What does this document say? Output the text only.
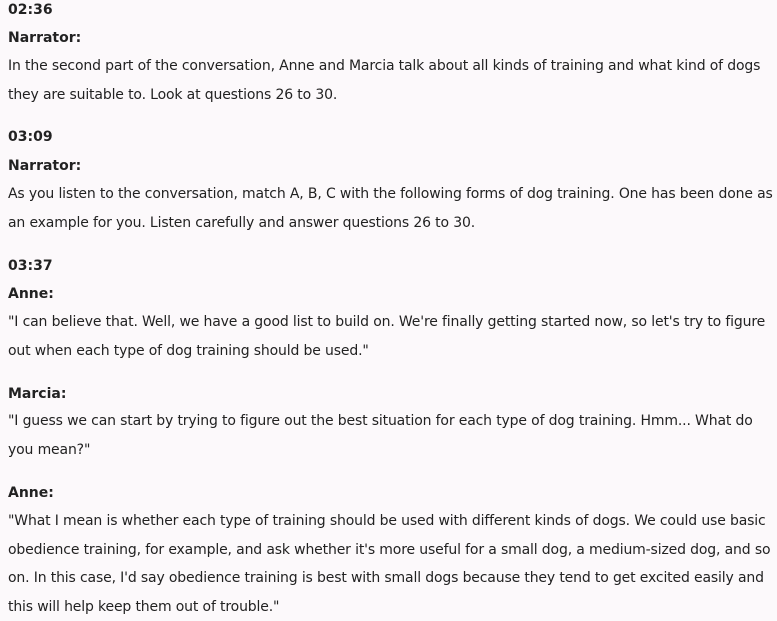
02:36

Narrator:

In the second part of the conversation, Anne and Marcia talk about all kinds of training and what kind of dogs they are suitable to. Look at questions 26 to 30.

03:09

Narrator:

As you listen to the conversation, match A, B, C with the following forms of dog training. One has been done as an example for you. Listen carefully and answer questions 26 to 30.

03:37

Anne:

"I can believe that. Well, we have a good list to build on. We're finally getting started now, so let's try to figure out when each type of dog training should be used."

Marcia:

"I guess we can start by trying to figure out the best situation for each type of dog training. Hmm... What do you mean?"

Anne:

"What I mean is whether each type of training should be used with different kinds of dogs. We could use basic obedience training, for example, and ask whether it's more useful for a small dog, a medium-sized dog, and so on. In this case, I'd say obedience training is best with small dogs because they tend to get excited easily and this will help keep them out of trouble."
